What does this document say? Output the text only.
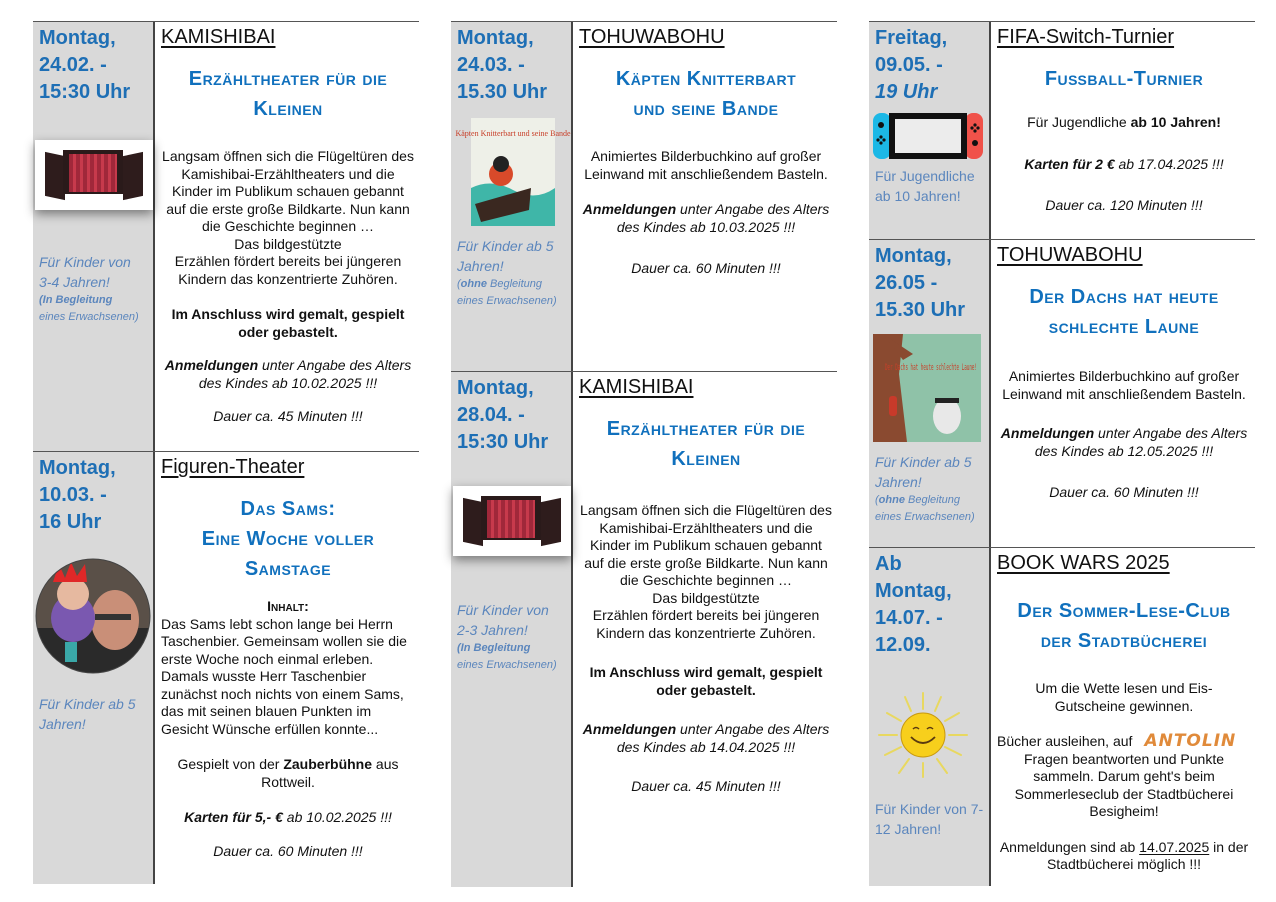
Montag,
24.02. -
15:30 Uhr
Für Kinder von 3-4 Jahren!
(In Begleitung
eines Erwachsenen)
KAMISHIBAI
Erzähltheater für die
Kleinen
Langsam öffnen sich die Flügeltüren des Kamishibai-Erzähltheaters und die Kinder im Publikum schauen gebannt auf die erste große Bildkarte. Nun kann die Geschichte beginnen …
Das bildgestützte
Erzählen fördert bereits bei jüngeren Kindern das konzentrierte Zuhören.
Im Anschluss wird gemalt, gespielt oder gebastelt.
Anmeldungen unter Angabe des Alters des Kindes ab 10.02.2025 !!!
Dauer ca. 45 Minuten !!!
Montag,
10.03. -
16 Uhr
Für Kinder ab 5 Jahren!
Figuren-Theater
Das Sams:
Eine Woche voller
Samstage
Inhalt:
Das Sams lebt schon lange bei Herrn Taschenbier. Gemeinsam wollen sie die erste Woche noch einmal erleben. Damals wusste Herr Taschenbier zunächst noch nichts von einem Sams, das mit seinen blauen Punkten im Gesicht Wünsche erfüllen konnte...
Gespielt von der Zauberbühne aus Rottweil.
Karten für 5,- € ab 10.02.2025 !!!
Dauer ca. 60 Minuten !!!
Montag,
24.03. -
15.30 Uhr
Käpten Knitterbart und seine Bande
Für Kinder ab 5 Jahren!
(ohne Begleitung eines Erwachsenen)
TOHUWABOHU
Käpten Knitterbart
und seine Bande
Animiertes Bilderbuchkino auf großer Leinwand mit anschließendem Basteln.
Anmeldungen unter Angabe des Alters des Kindes ab 10.03.2025 !!!
Dauer ca. 60 Minuten !!!
Montag,
28.04. -
15:30 Uhr
Für Kinder von 2-3 Jahren!
(In Begleitung
eines Erwachsenen)
KAMISHIBAI
Erzähltheater für die
Kleinen
Langsam öffnen sich die Flügeltüren des Kamishibai-Erzähltheaters und die Kinder im Publikum schauen gebannt auf die erste große Bildkarte. Nun kann die Geschichte beginnen …
Das bildgestützte
Erzählen fördert bereits bei jüngeren Kindern das konzentrierte Zuhören.
Im Anschluss wird gemalt, gespielt oder gebastelt.
Anmeldungen unter Angabe des Alters des Kindes ab 14.04.2025 !!!
Dauer ca. 45 Minuten !!!
Freitag,
09.05. -
19 Uhr
Für Jugendliche ab 10 Jahren!
FIFA-Switch-Turnier
Fußball-Turnier
Für Jugendliche ab 10 Jahren!
Karten für 2 € ab 17.04.2025 !!!
Dauer ca. 120 Minuten !!!
Montag,
26.05 -
15.30 Uhr
Der Dachs hat heute schlechte Laune!
Für Kinder ab 5 Jahren!
(ohne Begleitung eines Erwachsenen)
TOHUWABOHU
Der Dachs hat heute
schlechte Laune
Animiertes Bilderbuchkino auf großer Leinwand mit anschließendem Basteln.
Anmeldungen unter Angabe des Alters des Kindes ab 12.05.2025 !!!
Dauer ca. 60 Minuten !!!
Ab
Montag,
14.07. -
12.09.
Für Kinder von 7-12 Jahren!
BOOK WARS 2025
Der Sommer-Lese-Club
der Stadtbücherei
Um die Wette lesen und Eis-Gutscheine gewinnen.
Bücher ausleihen, auf ANTOLIN
Fragen beantworten und Punkte sammeln. Darum geht's beim Sommerleseclub der Stadtbücherei Besigheim!
Anmeldungen sind ab 14.07.2025 in der Stadtbücherei möglich !!!
